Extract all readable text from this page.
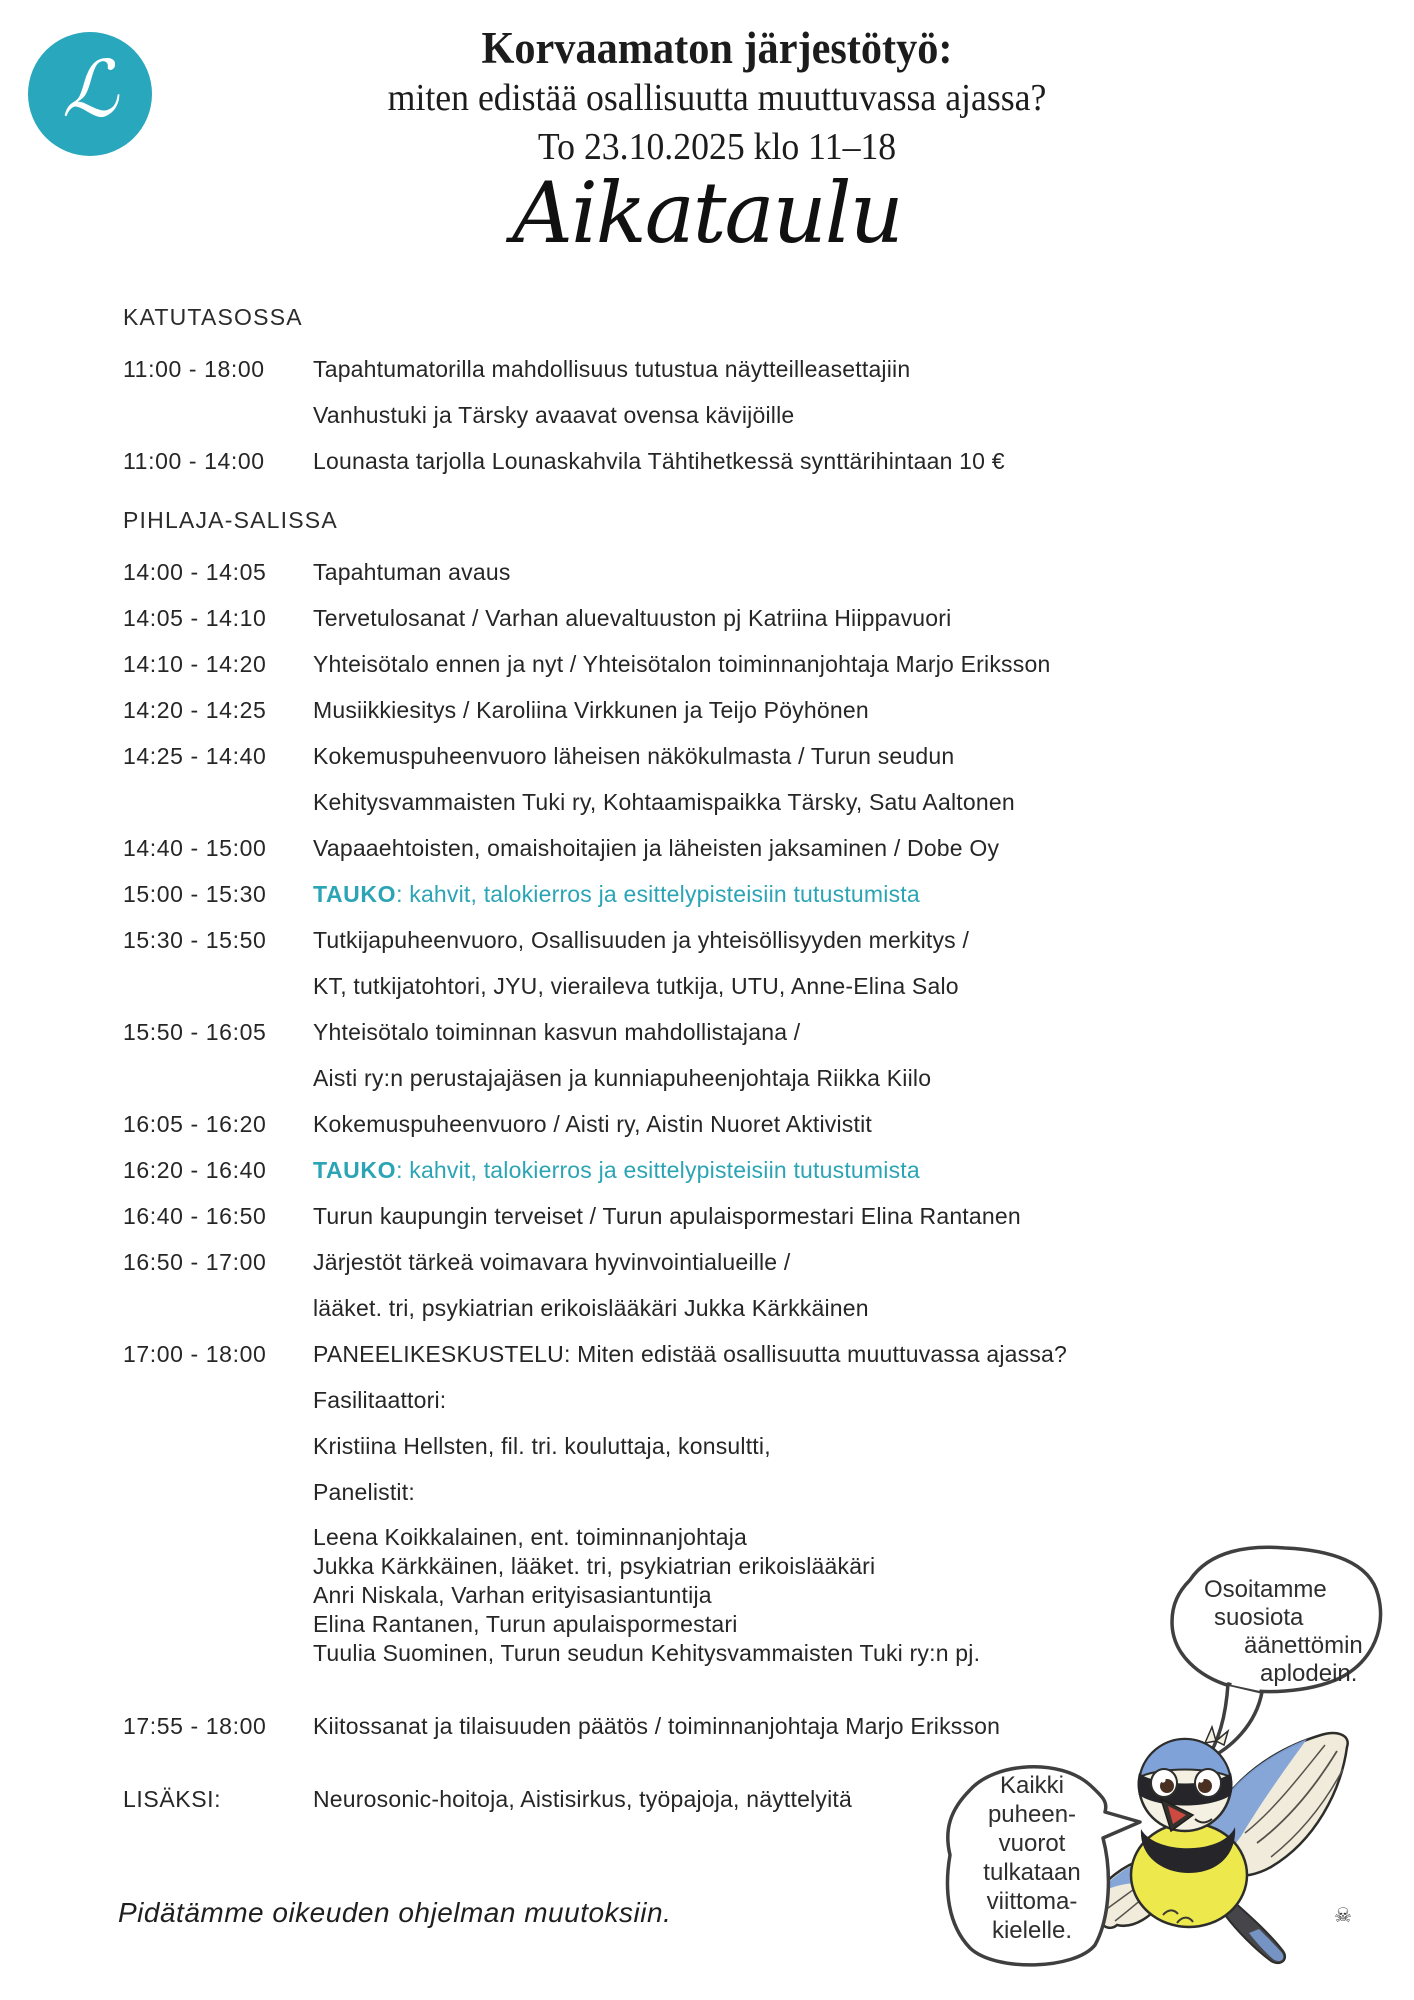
ℒ	Korvaamaton järjestötyö:
miten edistää osallisuutta muuttuvassa ajassa?
To 23.10.2025 klo 11–18
Aikataulu
KATUTASOSSA
11:00 - 18:00	Tapahtumatorilla mahdollisuus tutustua näytteilleasettajiin
Vanhustuki ja Tärsky avaavat ovensa kävijöille
11:00 - 14:00	Lounasta tarjolla Lounaskahvila Tähtihetkessä synttärihintaan 10 €
PIHLAJA-SALISSA
14:00 - 14:05	Tapahtuman avaus
14:05 - 14:10	Tervetulosanat / Varhan aluevaltuuston pj Katriina Hiippavuori
14:10 - 14:20	Yhteisötalo ennen ja nyt / Yhteisötalon toiminnanjohtaja Marjo Eriksson
14:20 - 14:25	Musiikkiesitys / Karoliina Virkkunen ja Teijo Pöyhönen
14:25 - 14:40	Kokemuspuheenvuoro läheisen näkökulmasta / Turun seudun
Kehitysvammaisten Tuki ry, Kohtaamispaikka Tärsky, Satu Aaltonen
14:40 - 15:00	Vapaaehtoisten, omaishoitajien ja läheisten jaksaminen / Dobe Oy
15:00 - 15:30	TAUKO: kahvit, talokierros ja esittelypisteisiin tutustumista
15:30 - 15:50	Tutkijapuheenvuoro, Osallisuuden ja yhteisöllisyyden merkitys /
KT, tutkijatohtori, JYU, vieraileva tutkija, UTU, Anne-Elina Salo
15:50 - 16:05	Yhteisötalo toiminnan kasvun mahdollistajana /
Aisti ry:n perustajajäsen ja kunniapuheenjohtaja Riikka Kiilo
16:05 - 16:20	Kokemuspuheenvuoro / Aisti ry, Aistin Nuoret Aktivistit
16:20 - 16:40	TAUKO: kahvit, talokierros ja esittelypisteisiin tutustumista
16:40 - 16:50	Turun kaupungin terveiset / Turun apulaispormestari Elina Rantanen
16:50 - 17:00	Järjestöt tärkeä voimavara hyvinvointialueille /
lääket. tri, psykiatrian erikoislääkäri Jukka Kärkkäinen
17:00 - 18:00	PANEELIKESKUSTELU: Miten edistää osallisuutta muuttuvassa ajassa?
Fasilitaattori:
Kristiina Hellsten, fil. tri. kouluttaja, konsultti,
Panelistit:
Leena Koikkalainen, ent. toiminnanjohtaja
Jukka Kärkkäinen, lääket. tri, psykiatrian erikoislääkäri
Anri Niskala, Varhan erityisasiantuntija
Elina Rantanen, Turun apulaispormestari
Tuulia Suominen, Turun seudun Kehitysvammaisten Tuki ry:n pj.
17:55 - 18:00	Kiitossanat ja tilaisuuden päätös / toiminnanjohtaja Marjo Eriksson
LISÄKSI:	Neurosonic-hoitoja, Aistisirkus, työpajoja, näyttelyitä
Pidätämme oikeuden ohjelman muutoksiin.
Osoitamme
suosiota
äänettömin
aplodein.
Kaikki
puheen-
vuorot
tulkataan
viittoma-
kielelle.
☠
